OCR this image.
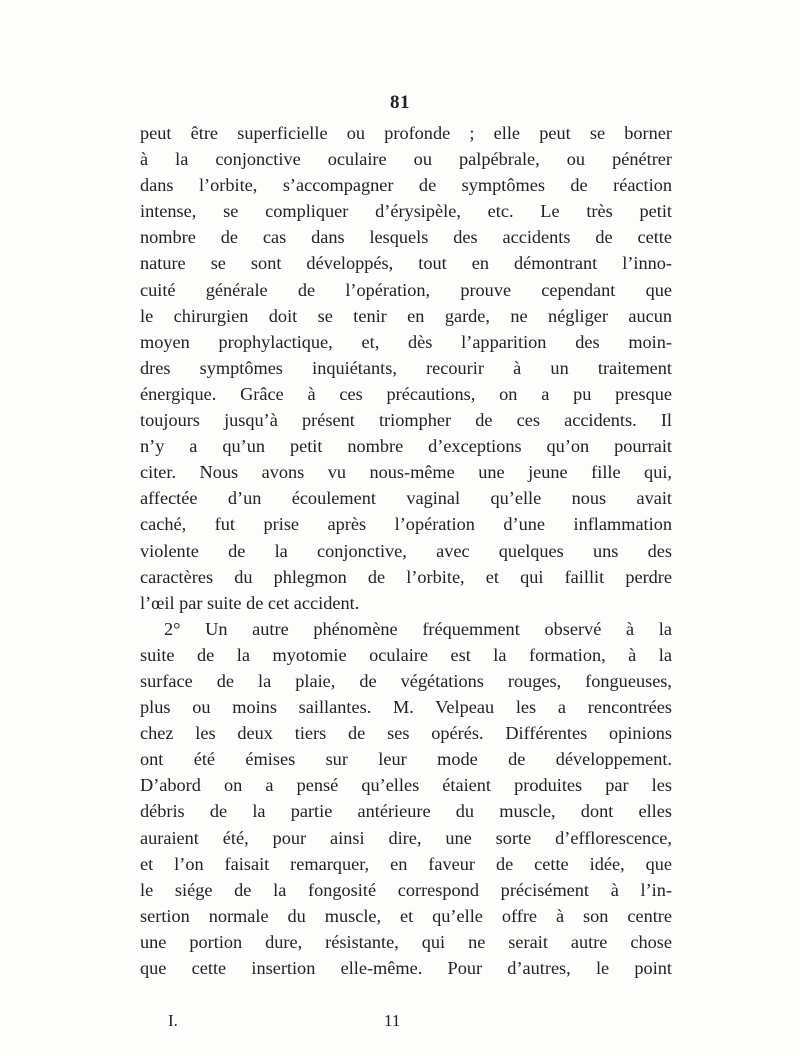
81
peut être superficielle ou profonde ; elle peut se borner
à la conjonctive oculaire ou palpébrale, ou pénétrer
dans l’orbite, s’accompagner de symptômes de réaction
intense, se compliquer d’érysipèle, etc. Le très petit
nombre de cas dans lesquels des accidents de cette
nature se sont développés, tout en démontrant l’inno-
cuité générale de l’opération, prouve cependant que
le chirurgien doit se tenir en garde, ne négliger aucun
moyen prophylactique, et, dès l’apparition des moin-
dres symptômes inquiétants, recourir à un traitement
énergique. Grâce à ces précautions, on a pu presque
toujours jusqu’à présent triompher de ces accidents. Il
n’y a qu’un petit nombre d’exceptions qu’on pourrait
citer. Nous avons vu nous-même une jeune fille qui,
affectée d’un écoulement vaginal qu’elle nous avait
caché, fut prise après l’opération d’une inflammation
violente de la conjonctive, avec quelques uns des
caractères du phlegmon de l’orbite, et qui faillit perdre
l’œil par suite de cet accident.
2° Un autre phénomène fréquemment observé à la
suite de la myotomie oculaire est la formation, à la
surface de la plaie, de végétations rouges, fongueuses,
plus ou moins saillantes. M. Velpeau les a rencontrées
chez les deux tiers de ses opérés. Différentes opinions
ont été émises sur leur mode de développement.
D’abord on a pensé qu’elles étaient produites par les
débris de la partie antérieure du muscle, dont elles
auraient été, pour ainsi dire, une sorte d’efflorescence,
et l’on faisait remarquer, en faveur de cette idée, que
le siége de la fongosité correspond précisément à l’in-
sertion normale du muscle, et qu’elle offre à son centre
une portion dure, résistante, qui ne serait autre chose
que cette insertion elle-même. Pour d’autres, le point
I.	11
